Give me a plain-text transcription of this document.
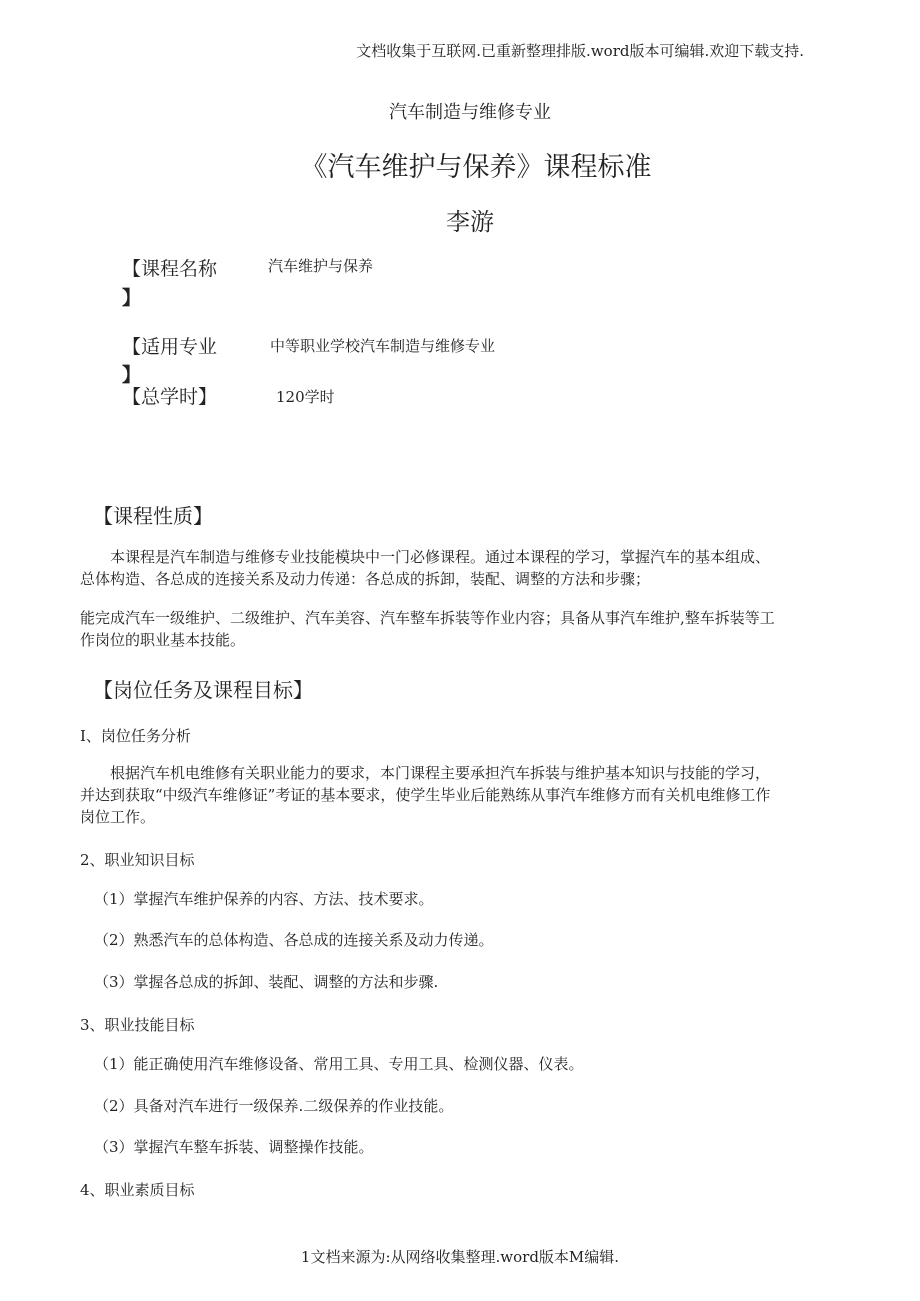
文档收集于互联网.已重新整理排版.word版本可编辑.欢迎下载支持.
汽车制造与维修专业
《汽车维护与保养》课程标准
李游
【课程名称
】
汽车维护与保养
【适用专业
】
中等职业学校汽车制造与维修专业
【总学时】	120学时
【课程性质】
本课程是汽车制造与维修专业技能模块中一门必修课程。通过本课程的学习，掌握汽车的基本组成、总体构造、各总成的连接关系及动力传递：各总成的拆卸，装配、调整的方法和步骤；
能完成汽车一级维护、二级维护、汽车美容、汽车整车拆装等作业内容；具备从事汽车维护,整车拆装等工作岗位的职业基本技能。
【岗位任务及课程目标】
I、岗位任务分析
根据汽车机电维修有关职业能力的要求，本门课程主要承担汽车拆装与维护基本知识与技能的学习，并达到获取“中级汽车维修证”考证的基本要求，使学生毕业后能熟练从事汽车维修方而有关机电维修工作岗位工作。
2、职业知识目标
（1）掌握汽车维护保养的内容、方法、技术要求。
（2）熟悉汽车的总体构造、各总成的连接关系及动力传递。
（3）掌握各总成的拆卸、装配、调整的方法和步骤.
3、职业技能目标
（1）能正确使用汽车维修设备、常用工具、专用工具、检测仪器、仪表。
（2）具备对汽车进行一级保养.二级保养的作业技能。
（3）掌握汽车整车拆装、调整操作技能。
4、职业素质目标
1文档来源为:从网络收集整理.word版本M编辑.
